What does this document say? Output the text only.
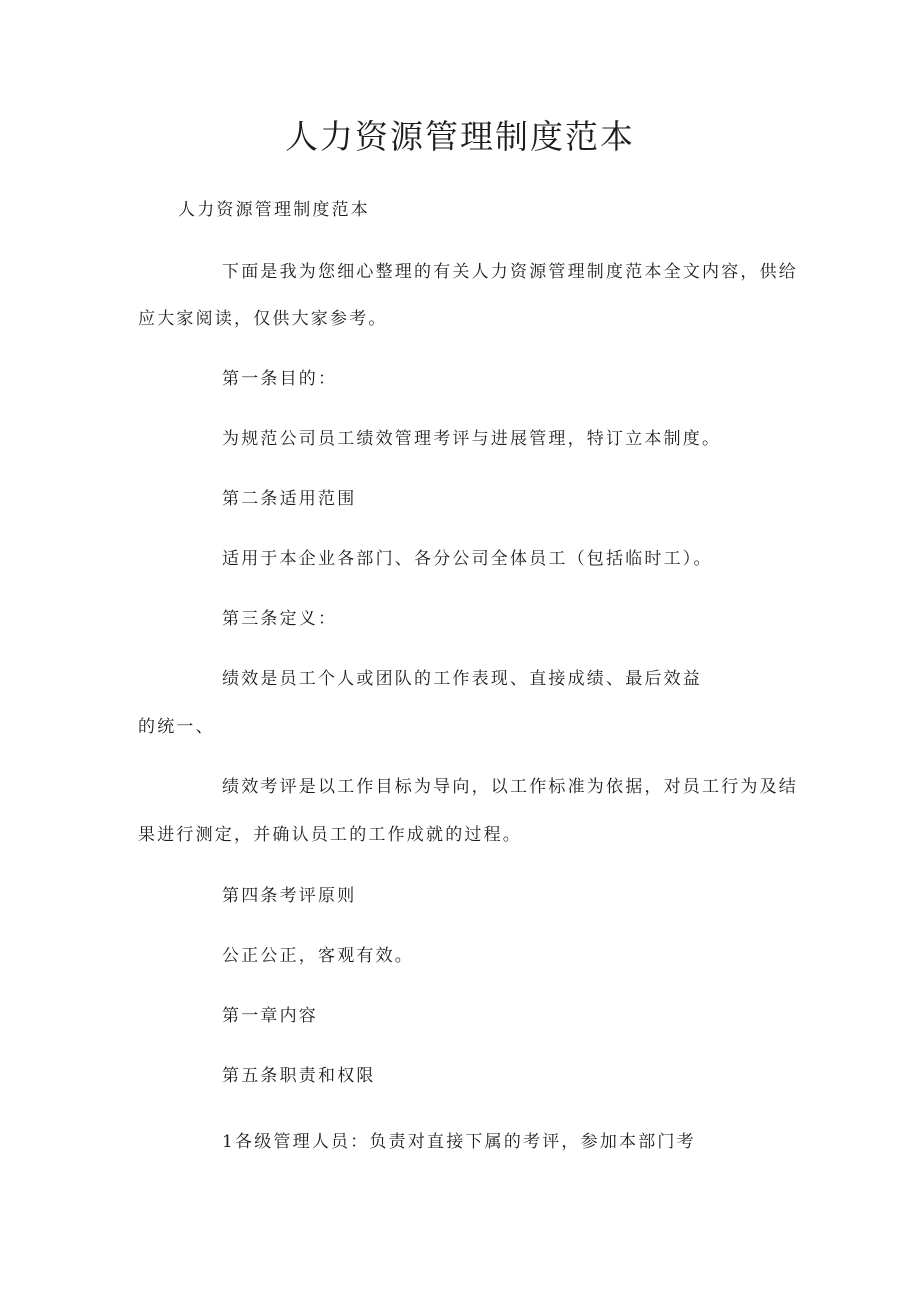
人力资源管理制度范本
人力资源管理制度范本
下面是我为您细心整理的有关人力资源管理制度范本全文内容，供给
应大家阅读，仅供大家参考。
第一条目的：
为规范公司员工绩效管理考评与进展管理，特订立本制度。
第二条适用范围
适用于本企业各部门、各分公司全体员工（包括临时工）。
第三条定义：
绩效是员工个人或团队的工作表现、直接成绩、最后效益
的统一、
绩效考评是以工作目标为导向，以工作标准为依据，对员工行为及结
果进行测定，并确认员工的工作成就的过程。
第四条考评原则
公正公正，客观有效。
第一章内容
第五条职责和权限
1各级管理人员：负责对直接下属的考评，参加本部门考
